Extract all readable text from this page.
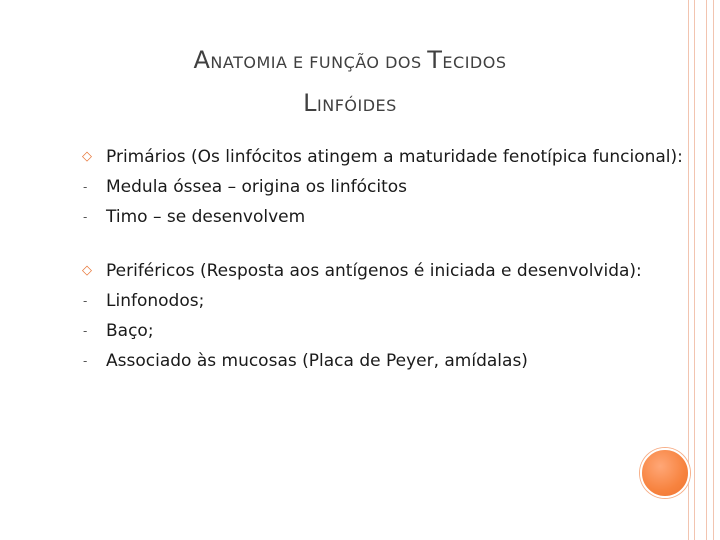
ANATOMIA E FUNÇÃO DOS TECIDOS
LINFÓIDES
◇ Primários (Os linfócitos atingem a maturidade fenotípica funcional):
- Medula óssea – origina os linfócitos
- Timo – se desenvolvem
◇ Periféricos (Resposta aos antígenos é iniciada e desenvolvida):
- Linfonodos;
- Baço;
- Associado às mucosas (Placa de Peyer, amídalas)
